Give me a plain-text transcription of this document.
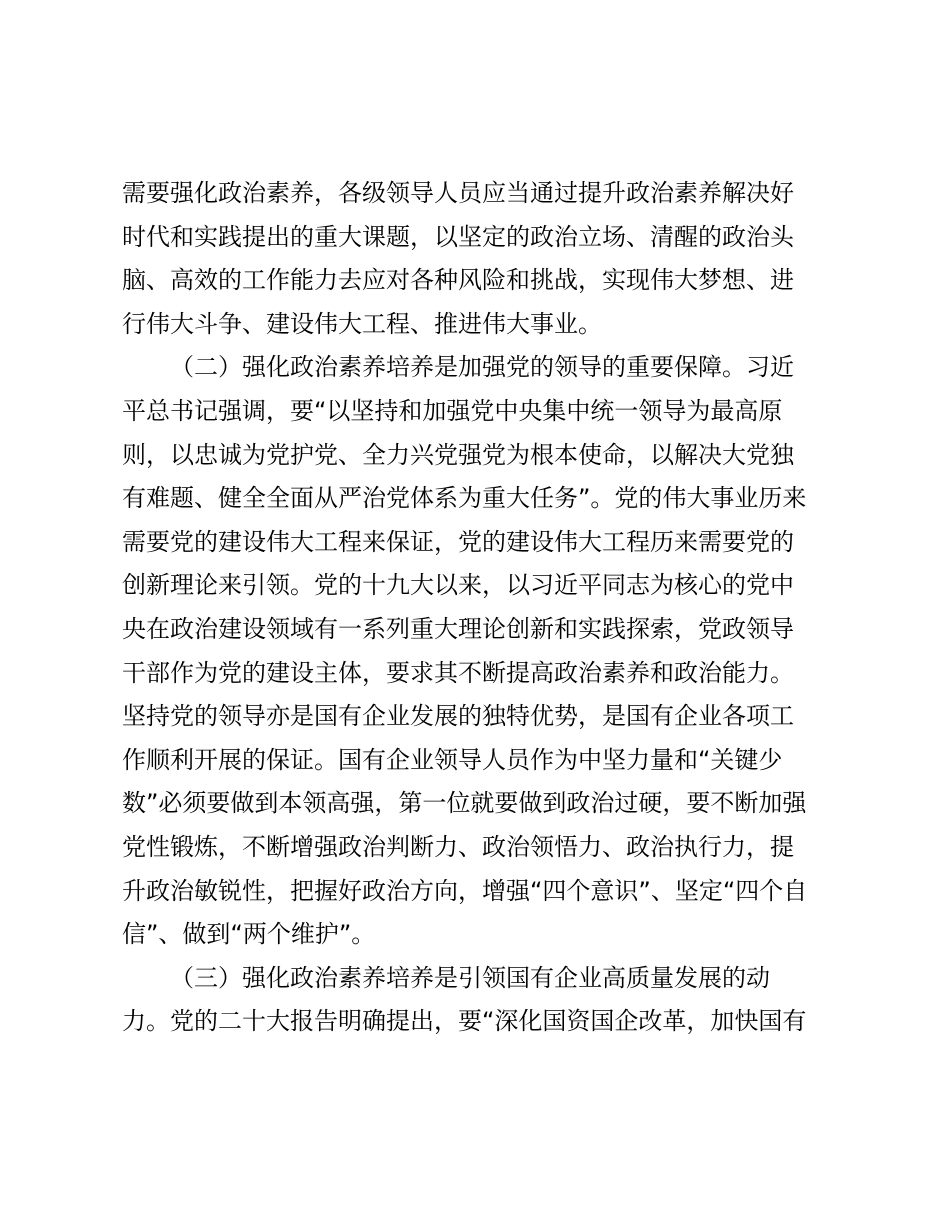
需要强化政治素养，各级领导人员应当通过提升政治素养解决好
时代和实践提出的重大课题，以坚定的政治立场、清醒的政治头
脑、高效的工作能力去应对各种风险和挑战，实现伟大梦想、进
行伟大斗争、建设伟大工程、推进伟大事业。
（二）强化政治素养培养是加强党的领导的重要保障。习近
平总书记强调，要“以坚持和加强党中央集中统一领导为最高原
则，以忠诚为党护党、全力兴党强党为根本使命，以解决大党独
有难题、健全全面从严治党体系为重大任务”。党的伟大事业历来
需要党的建设伟大工程来保证，党的建设伟大工程历来需要党的
创新理论来引领。党的十九大以来，以习近平同志为核心的党中
央在政治建设领域有一系列重大理论创新和实践探索，党政领导
干部作为党的建设主体，要求其不断提高政治素养和政治能力。
坚持党的领导亦是国有企业发展的独特优势，是国有企业各项工
作顺利开展的保证。国有企业领导人员作为中坚力量和“关键少
数”必须要做到本领高强，第一位就要做到政治过硬，要不断加强
党性锻炼，不断增强政治判断力、政治领悟力、政治执行力，提
升政治敏锐性，把握好政治方向，增强“四个意识”、坚定“四个自
信”、做到“两个维护”。
（三）强化政治素养培养是引领国有企业高质量发展的动
力。党的二十大报告明确提出，要“深化国资国企改革，加快国有
